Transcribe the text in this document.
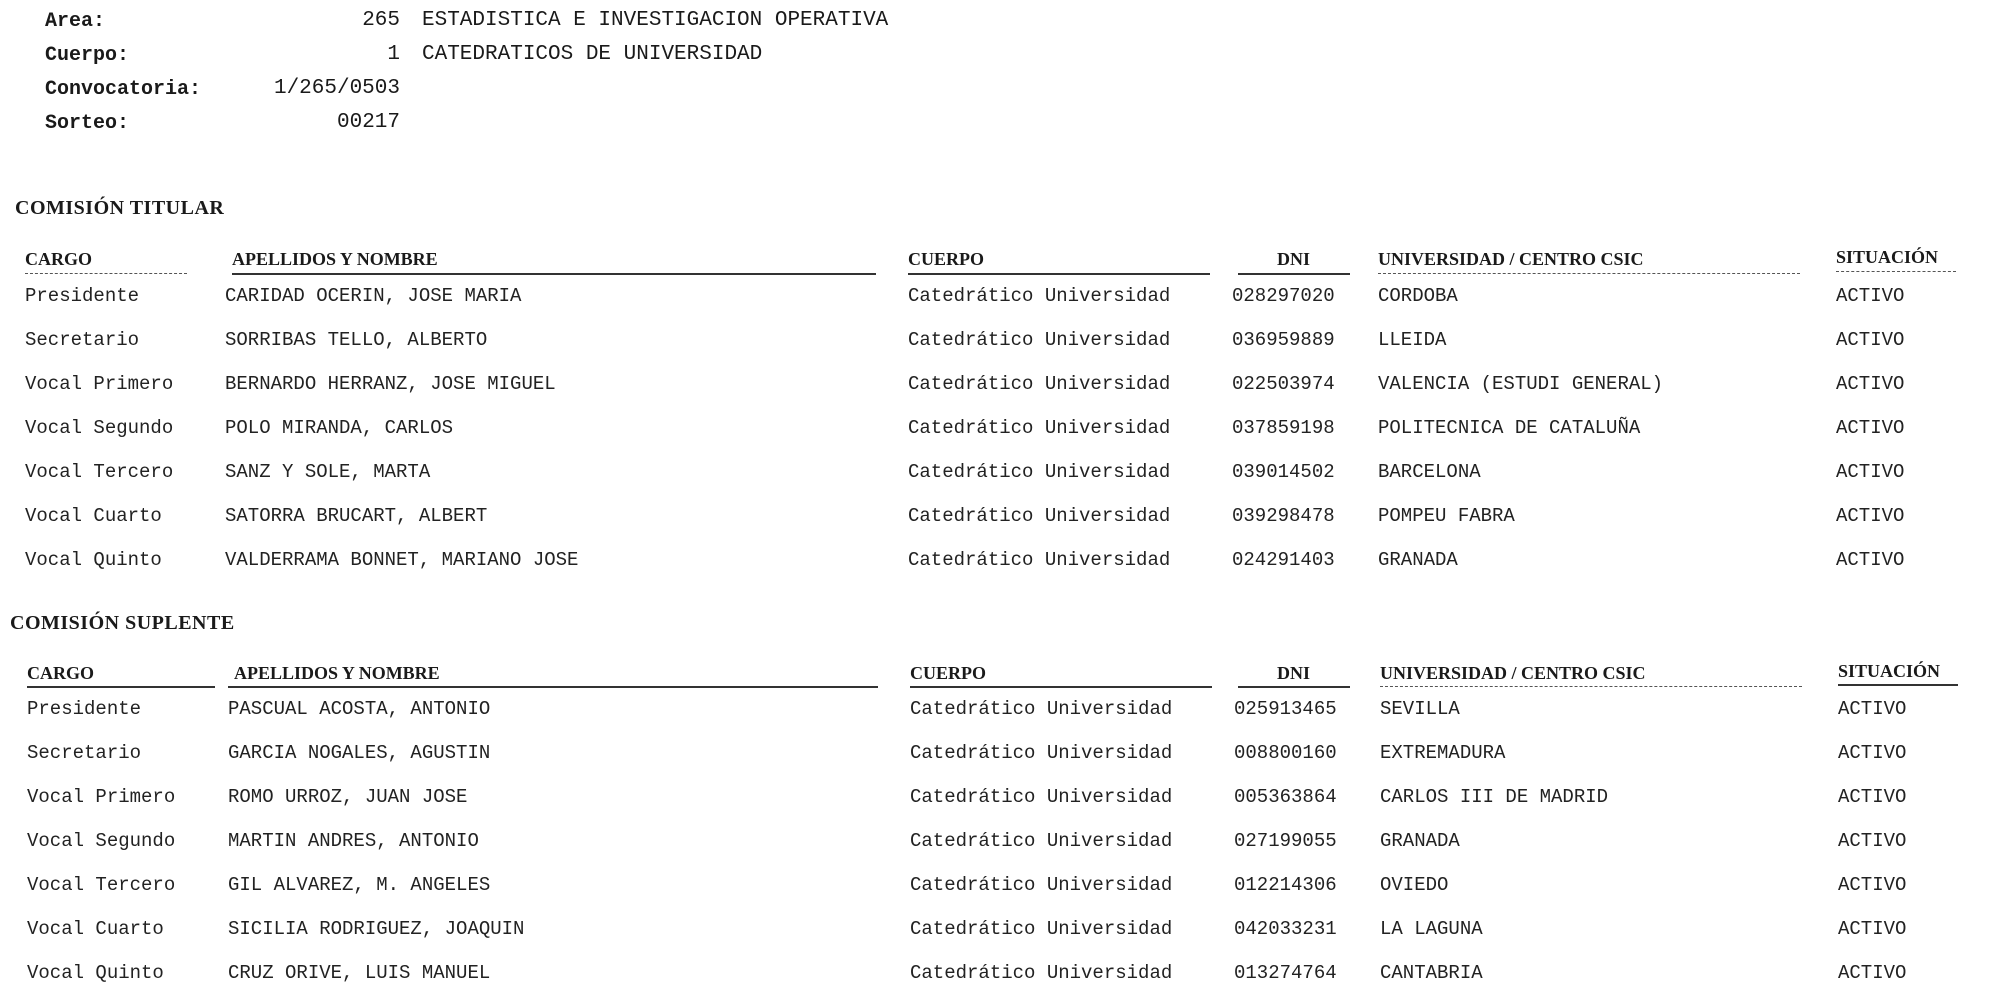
Area:	265 ESTADISTICA E INVESTIGACION OPERATIVA
Cuerpo:	1 CATEDRATICOS DE UNIVERSIDAD
Convocatoria:	1/265/0503
Sorteo:	00217
COMISIÓN TITULAR
CARGO	APELLIDOS Y NOMBRE	CUERPO	DNI	UNIVERSIDAD / CENTRO CSIC	SITUACIÓN
Presidente	CARIDAD OCERIN, JOSE MARIA	Catedrático Universidad	028297020 CORDOBA	ACTIVO
Secretario	SORRIBAS TELLO, ALBERTO	Catedrático Universidad	036959889 LLEIDA	ACTIVO
Vocal Primero	BERNARDO HERRANZ, JOSE MIGUEL	Catedrático Universidad	022503974 VALENCIA (ESTUDI GENERAL)	ACTIVO
Vocal Segundo	POLO MIRANDA, CARLOS	Catedrático Universidad	037859198 POLITECNICA DE CATALUÑA	ACTIVO
Vocal Tercero	SANZ Y SOLE, MARTA	Catedrático Universidad	039014502 BARCELONA	ACTIVO
Vocal Cuarto	SATORRA BRUCART, ALBERT	Catedrático Universidad	039298478 POMPEU FABRA	ACTIVO
Vocal Quinto	VALDERRAMA BONNET, MARIANO JOSE	Catedrático Universidad	024291403 GRANADA	ACTIVO
COMISIÓN SUPLENTE
CARGO	APELLIDOS Y NOMBRE	CUERPO	DNI	UNIVERSIDAD / CENTRO CSIC	SITUACIÓN
Presidente	PASCUAL ACOSTA, ANTONIO	Catedrático Universidad	025913465 SEVILLA	ACTIVO
Secretario	GARCIA NOGALES, AGUSTIN	Catedrático Universidad	008800160 EXTREMADURA	ACTIVO
Vocal Primero	ROMO URROZ, JUAN JOSE	Catedrático Universidad	005363864 CARLOS III DE MADRID	ACTIVO
Vocal Segundo	MARTIN ANDRES, ANTONIO	Catedrático Universidad	027199055 GRANADA	ACTIVO
Vocal Tercero	GIL ALVAREZ, M. ANGELES	Catedrático Universidad	012214306 OVIEDO	ACTIVO
Vocal Cuarto	SICILIA RODRIGUEZ, JOAQUIN	Catedrático Universidad	042033231 LA LAGUNA	ACTIVO
Vocal Quinto	CRUZ ORIVE, LUIS MANUEL	Catedrático Universidad	013274764 CANTABRIA	ACTIVO
